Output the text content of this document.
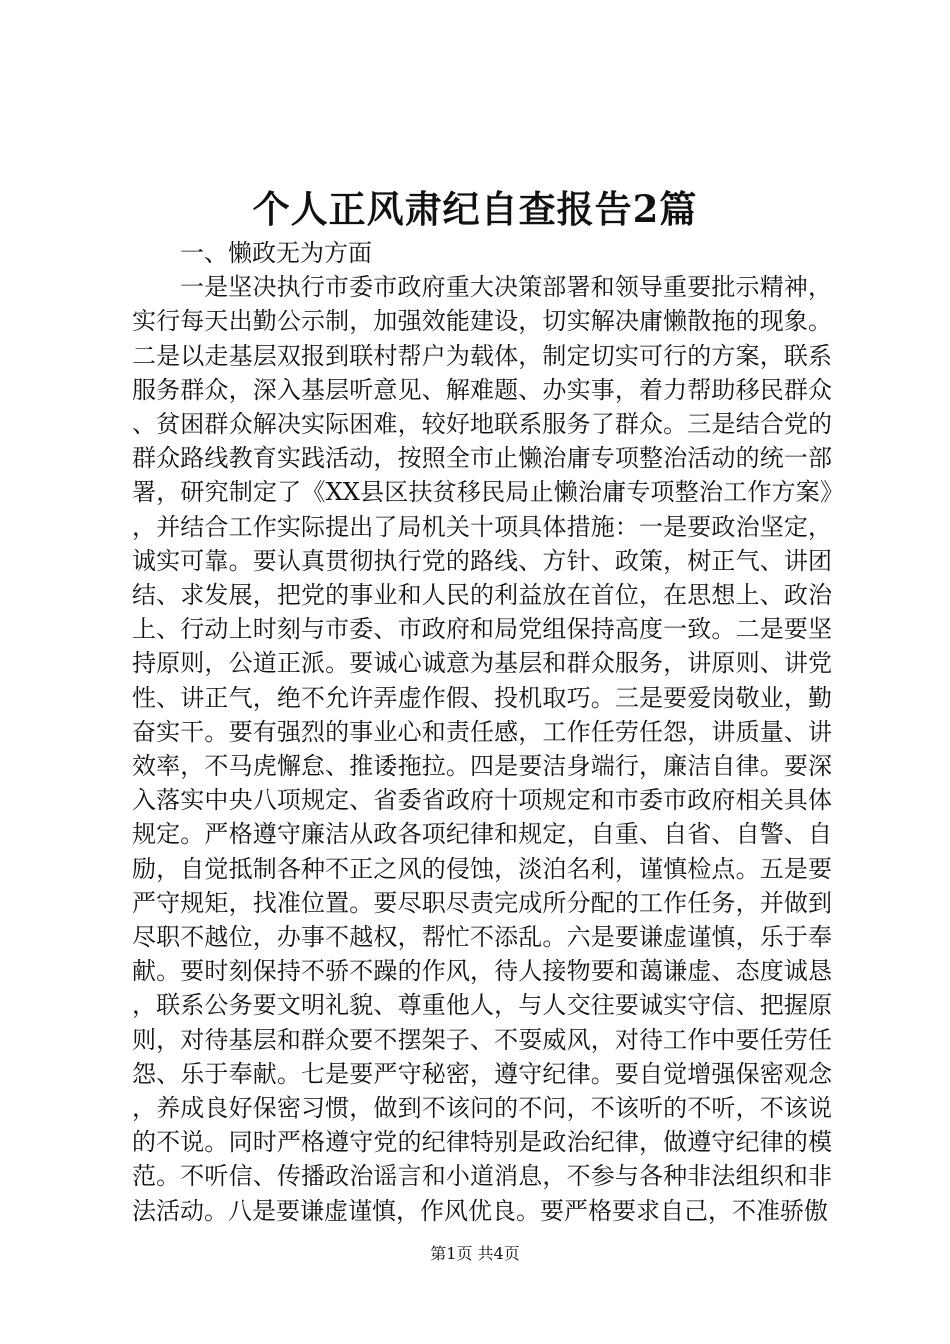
个人正风肃纪自查报告2篇

一、懒政无为方面

一是坚决执行市委市政府重大决策部署和领导重要批示精神，实行每天出勤公示制，加强效能建设，切实解决庸懒散拖的现象。二是以走基层双报到联村帮户为载体，制定切实可行的方案，联系服务群众，深入基层听意见、解难题、办实事，着力帮助移民群众、贫困群众解决实际困难，较好地联系服务了群众。三是结合党的群众路线教育实践活动，按照全市止懒治庸专项整治活动的统一部署，研究制定了《XX县区扶贫移民局止懒治庸专项整治工作方案》，并结合工作实际提出了局机关十项具体措施：一是要政治坚定，诚实可靠。要认真贯彻执行党的路线、方针、政策，树正气、讲团结、求发展，把党的事业和人民的利益放在首位，在思想上、政治上、行动上时刻与市委、市政府和局党组保持高度一致。二是要坚持原则，公道正派。要诚心诚意为基层和群众服务，讲原则、讲党性、讲正气，绝不允许弄虚作假、投机取巧。三是要爱岗敬业，勤奋实干。要有强烈的事业心和责任感，工作任劳任怨，讲质量、讲效率，不马虎懈怠、推诿拖拉。四是要洁身端行，廉洁自律。要深入落实中央八项规定、省委省政府十项规定和市委市政府相关具体规定。严格遵守廉洁从政各项纪律和规定，自重、自省、自警、自励，自觉抵制各种不正之风的侵蚀，淡泊名利，谨慎检点。五是要严守规矩，找准位置。要尽职尽责完成所分配的工作任务，并做到尽职不越位，办事不越权，帮忙不添乱。六是要谦虚谨慎，乐于奉献。要时刻保持不骄不躁的作风，待人接物要和蔼谦虚、态度诚恳，联系公务要文明礼貌、尊重他人，与人交往要诚实守信、把握原则，对待基层和群众要不摆架子、不耍威风，对待工作中要任劳任怨、乐于奉献。七是要严守秘密，遵守纪律。要自觉增强保密观念，养成良好保密习惯，做到不该问的不问，不该听的不听，不该说的不说。同时严格遵守党的纪律特别是政治纪律，做遵守纪律的模范。不听信、传播政治谣言和小道消息，不参与各种非法组织和非法活动。八是要谦虚谨慎，作风优良。要严格要求自己，不准骄傲

第1页 共4页
